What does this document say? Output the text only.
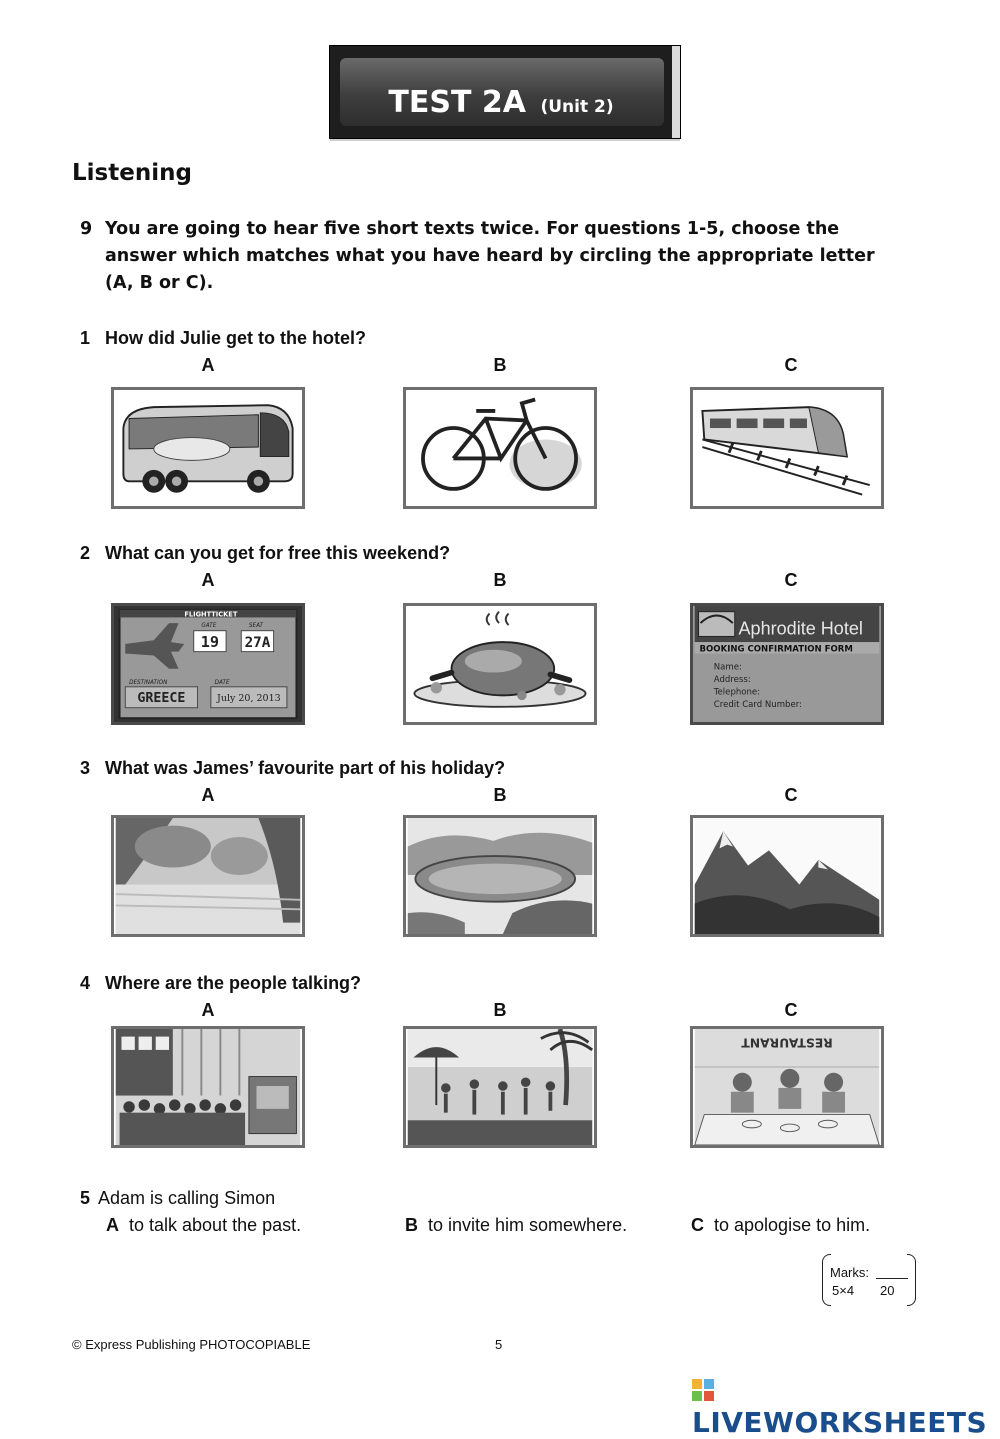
TEST 2A (Unit 2)
Listening
9 You are going to hear five short texts twice. For questions 1-5, choose the answer which matches what you have heard by circling the appropriate letter (A, B or C).
1 How did Julie get to the hotel?
A	B	C
2 What can you get for free this weekend?
A	B	C
FLIGHTTICKET
GATE
19
SEAT
27A
DESTINATION
GREECE
DATE
July 20, 2013
Aphrodite Hotel
BOOKING CONFIRMATION FORM
Name:
Address:
Telephone:
Credit Card Number:
3 What was James’ favourite part of his holiday?
A	B	C
4 Where are the people talking?
A	B	C
RESTAURANT
5 Adam is calling Simon
A to talk about the past.	B to invite him somewhere.	C to apologise to him.
Marks:
5×4 20
© Express Publishing PHOTOCOPIABLE	5
LIVEWORKSHEETS
